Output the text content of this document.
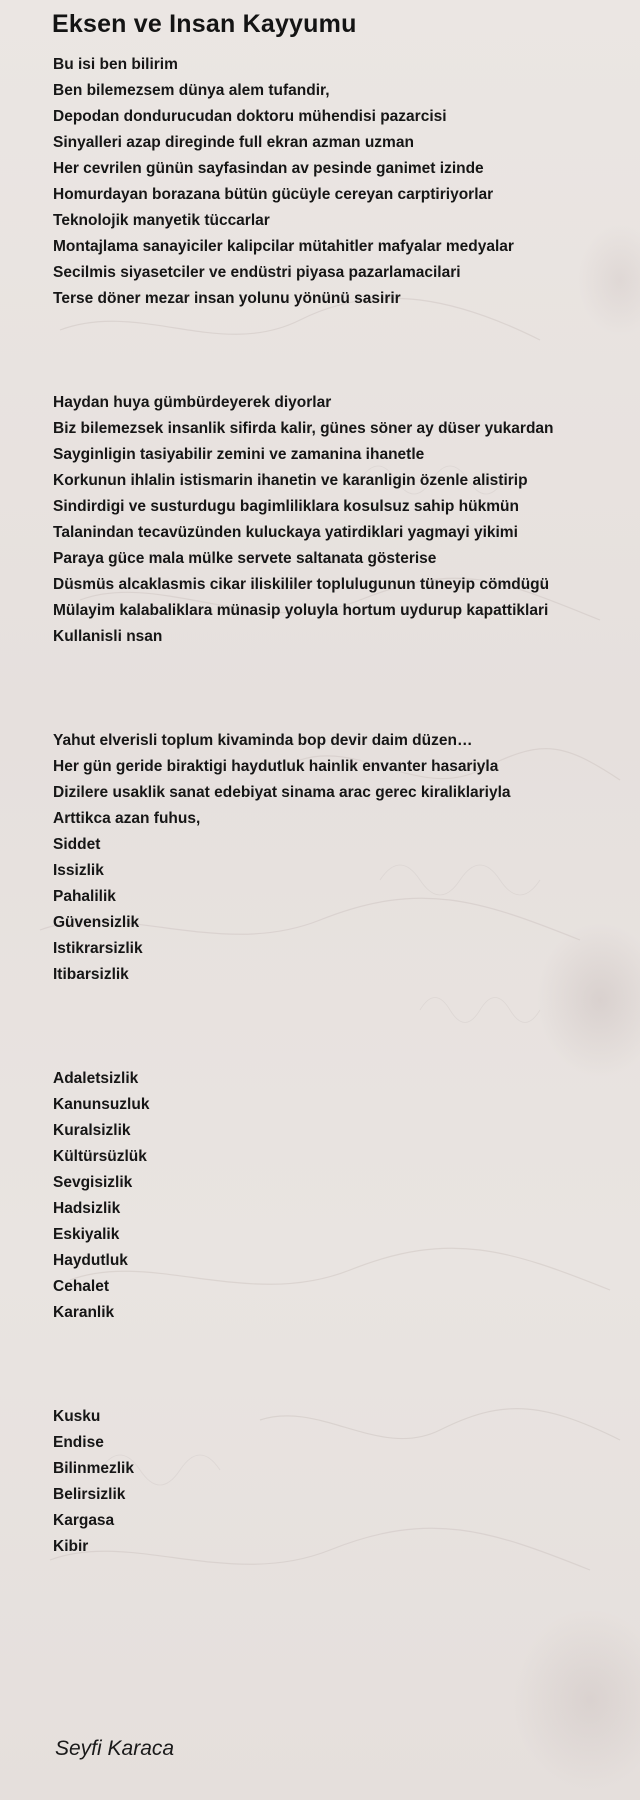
Eksen ve Insan Kayyumu
Bu isi ben bilirim
Ben bilemezsem dünya alem tufandir,
Depodan dondurucudan doktoru mühendisi pazarcisi
Sinyalleri azap direginde full ekran azman uzman
Her cevrilen günün sayfasindan av pesinde ganimet izinde
Homurdayan borazana bütün gücüyle cereyan carptiriyorlar
Teknolojik manyetik tüccarlar
Montajlama sanayiciler kalipcilar mütahitler mafyalar medyalar
Secilmis siyasetciler ve endüstri piyasa pazarlamacilari
Terse döner mezar insan yolunu yönünü sasirir
Haydan huya gümbürdeyerek diyorlar
Biz bilemezsek insanlik sifirda kalir, günes söner ay düser yukardan
Sayginligin tasiyabilir zemini ve zamanina ihanetle
Korkunun ihlalin istismarin ihanetin ve karanligin özenle alistirip
Sindirdigi ve susturdugu bagimliliklara kosulsuz sahip hükmün
Talanindan tecavüzünden kuluckaya yatirdiklari yagmayi yikimi
Paraya güce mala mülke servete saltanata gösterise
Düsmüs alcaklasmis cikar iliskililer toplulugunun tüneyip cömdügü
Mülayim kalabaliklara münasip yoluyla hortum uydurup kapattiklari
Kullanisli nsan
Yahut elverisli toplum kivaminda bop devir daim düzen…
Her gün geride biraktigi haydutluk hainlik envanter hasariyla
Dizilere usaklik sanat edebiyat sinama arac gerec kiraliklariyla
Arttikca azan fuhus,
Siddet
Issizlik
Pahalilik
Güvensizlik
Istikrarsizlik
Itibarsizlik
Adaletsizlik
Kanunsuzluk
Kuralsizlik
Kültürsüzlük
Sevgisizlik
Hadsizlik
Eskiyalik
Haydutluk
Cehalet
Karanlik
Kusku
Endise
Bilinmezlik
Belirsizlik
Kargasa
Kibir
Seyfi Karaca
